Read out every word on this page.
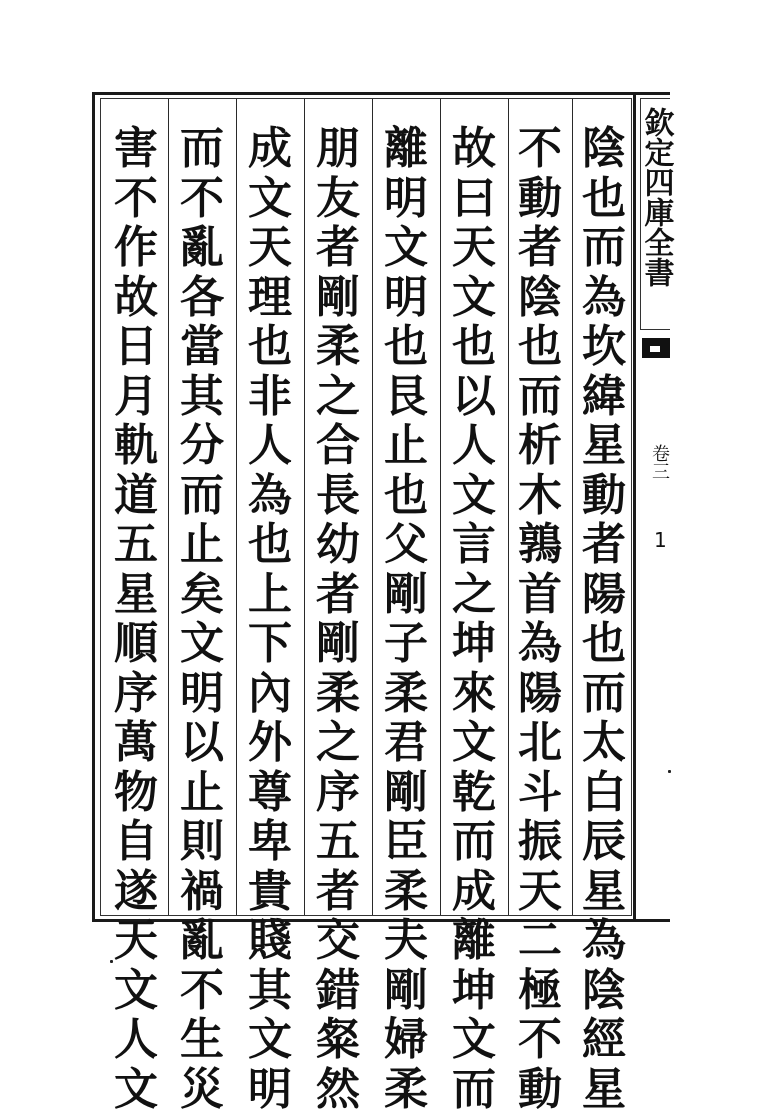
陰
也
而
為
坎
緯
星
動
者
陽
也
而
太
白
辰
星
為
陰
經
星
不
動
者
陰
也
而
析
木
鶉
首
為
陽
北
斗
振
天
二
極
不
動
故
曰
天
文
也
以
人
文
言
之
坤
來
文
乾
而
成
離
坤
文
而
離
明
文
明
也
艮
止
也
父
剛
子
柔
君
剛
臣
柔
夫
剛
婦
柔
朋
友
者
剛
柔
之
合
長
幼
者
剛
柔
之
序
五
者
交
錯
粲
然
成
文
天
理
也
非
人
為
也
上
下
內
外
尊
卑
貴
賤
其
文
明
而
不
亂
各
當
其
分
而
止
矣
文
明
以
止
則
禍
亂
不
生
災
害
不
作
故
日
月
軌
道
五
星
順
序
萬
物
自
遂
天
文
人
文
欽定四庫全書
卷三
1
